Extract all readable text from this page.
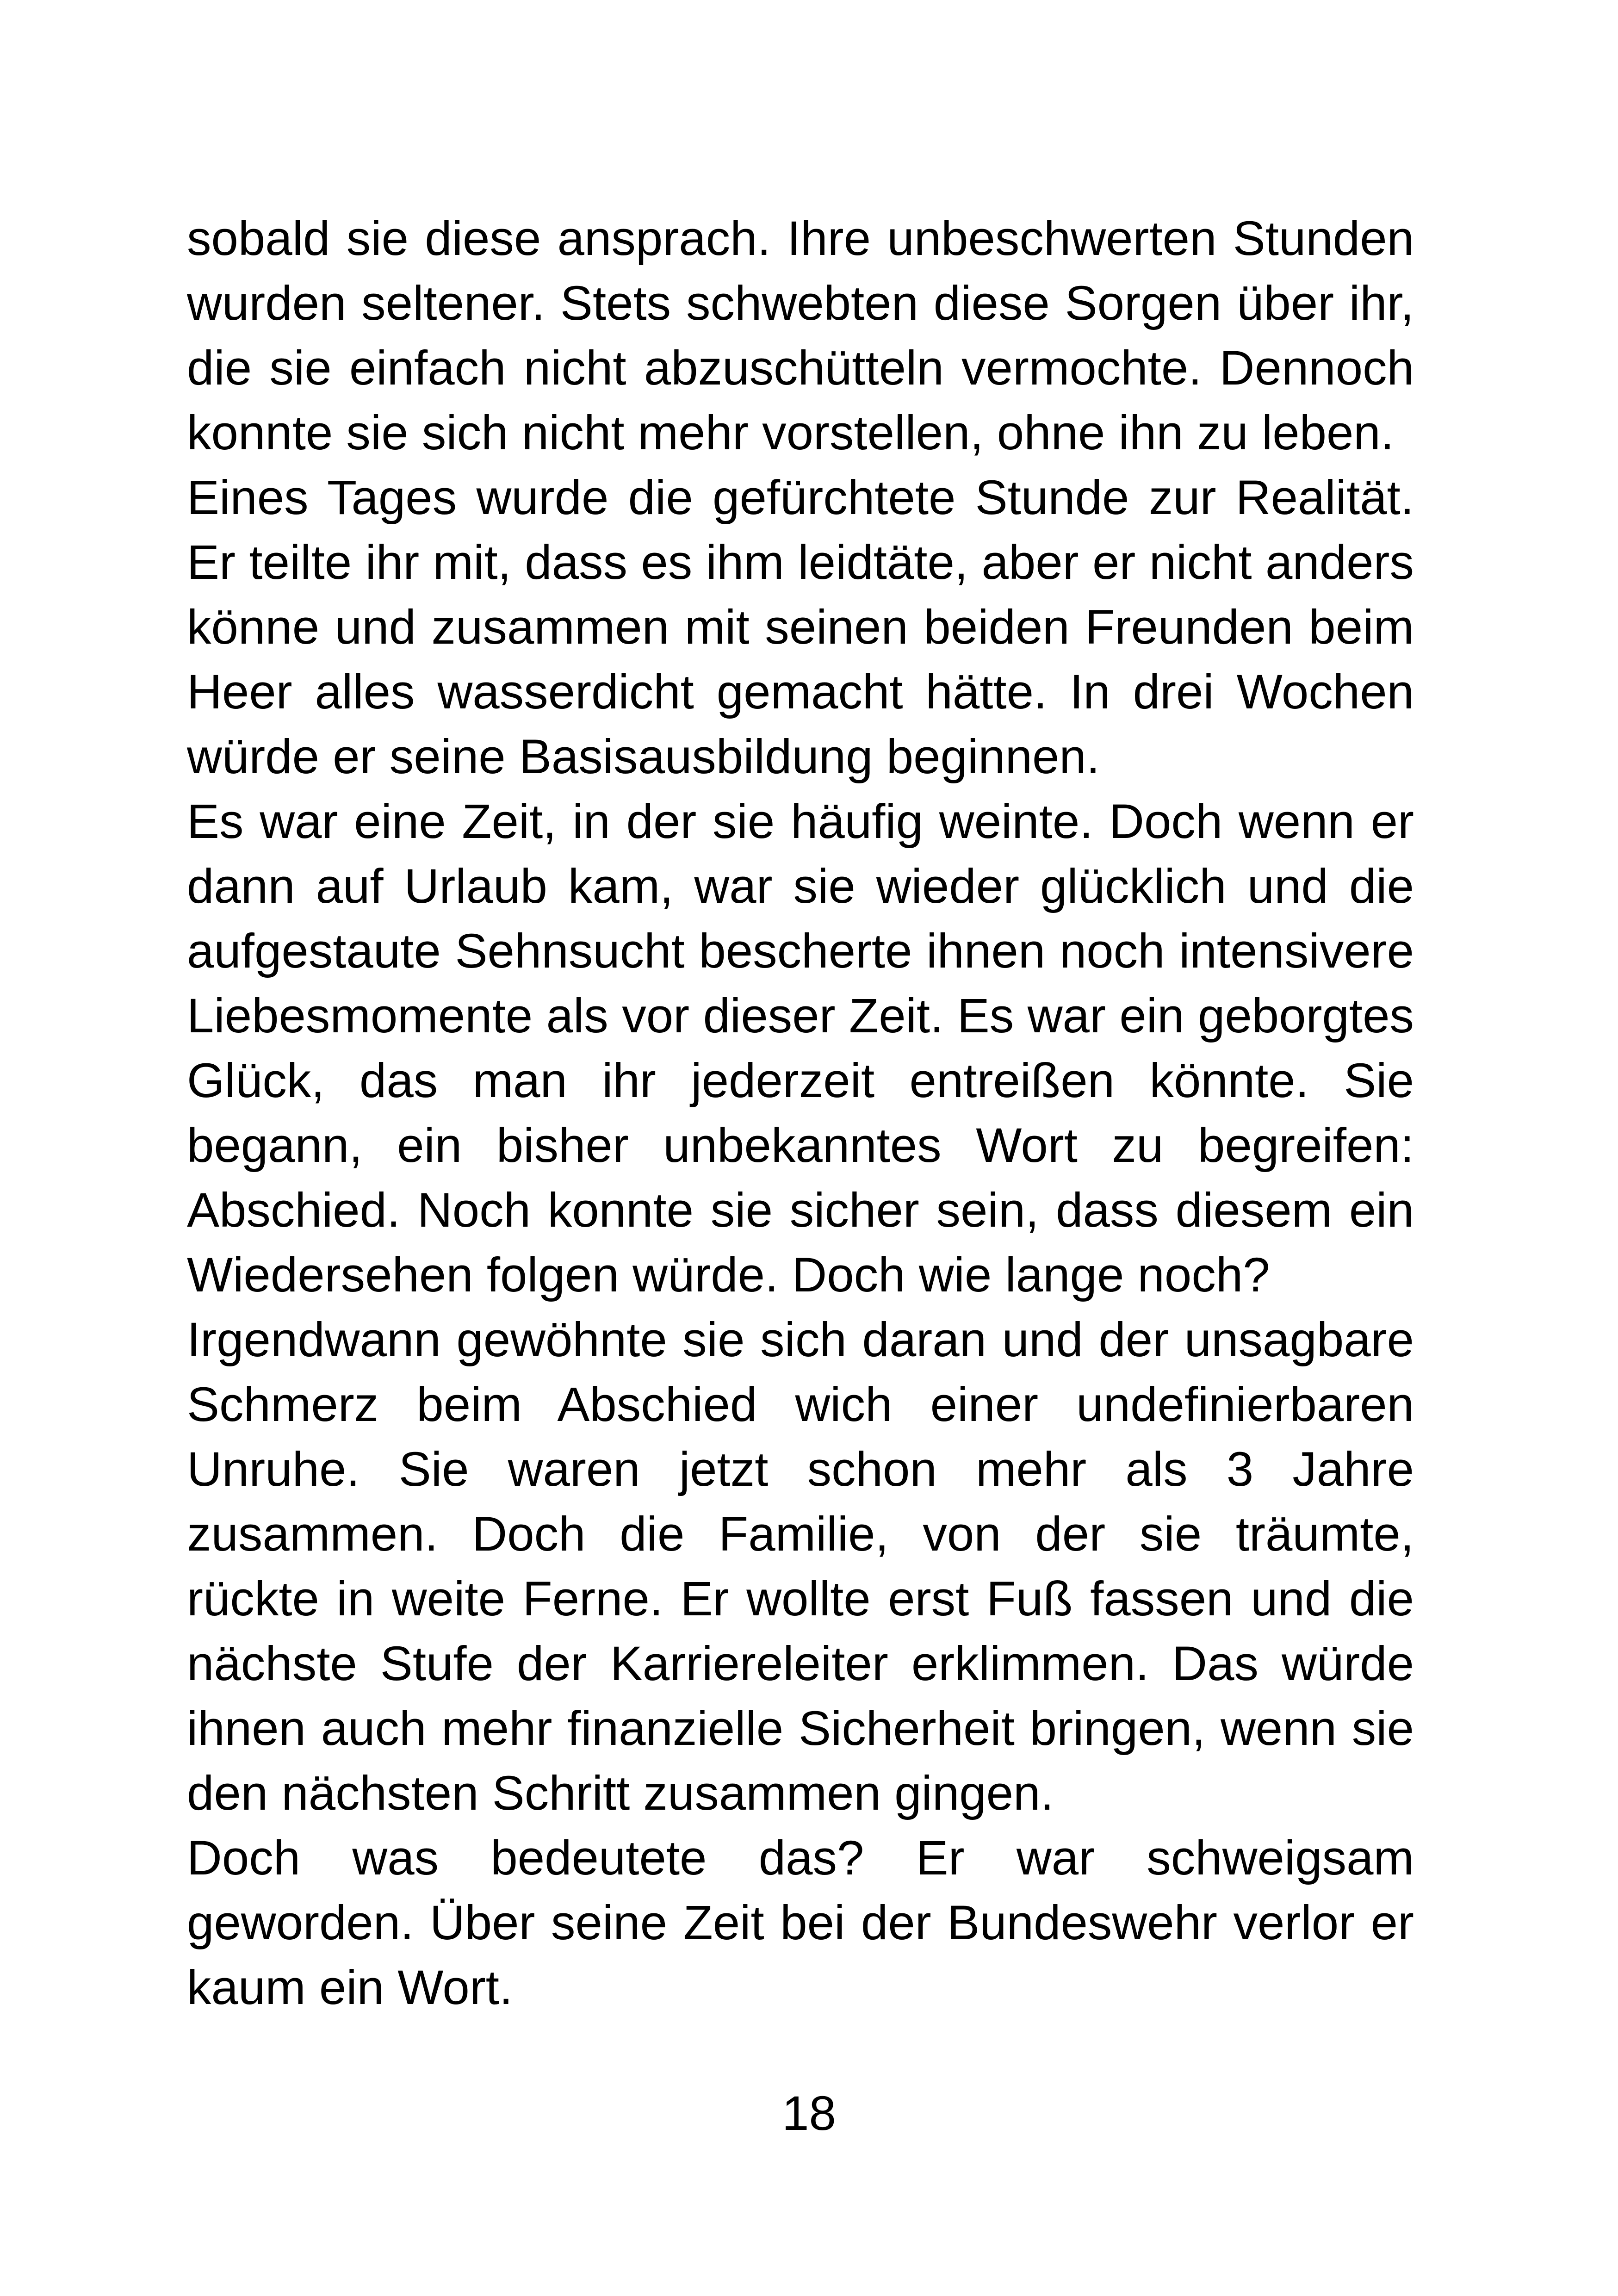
sobald sie diese ansprach. Ihre unbeschwerten Stunden wurden seltener. Stets schwebten diese Sorgen über ihr, die sie einfach nicht abzuschütteln vermochte. Dennoch konnte sie sich nicht mehr vorstellen, ohne ihn zu leben.

Eines Tages wurde die gefürchtete Stunde zur Realität. Er teilte ihr mit, dass es ihm leidtäte, aber er nicht anders könne und zusammen mit seinen beiden Freunden beim Heer alles wasserdicht gemacht hätte. In drei Wochen würde er seine Basisausbildung beginnen.

Es war eine Zeit, in der sie häufig weinte. Doch wenn er dann auf Urlaub kam, war sie wieder glücklich und die aufgestaute Sehnsucht bescherte ihnen noch intensivere Liebesmomente als vor dieser Zeit. Es war ein geborgtes Glück, das man ihr jederzeit entreißen könnte. Sie begann, ein bisher unbekanntes Wort zu begreifen: Abschied. Noch konnte sie sicher sein, dass diesem ein Wiedersehen folgen würde. Doch wie lange noch?

Irgendwann gewöhnte sie sich daran und der unsagbare Schmerz beim Abschied wich einer undefinierbaren Unruhe. Sie waren jetzt schon mehr als 3 Jahre zusammen. Doch die Familie, von der sie träumte, rückte in weite Ferne. Er wollte erst Fuß fassen und die nächste Stufe der Karriereleiter erklimmen. Das würde ihnen auch mehr finanzielle Sicherheit bringen, wenn sie den nächsten Schritt zusammen gingen.

Doch was bedeutete das? Er war schweigsam geworden. Über seine Zeit bei der Bundeswehr verlor er kaum ein Wort.

18
